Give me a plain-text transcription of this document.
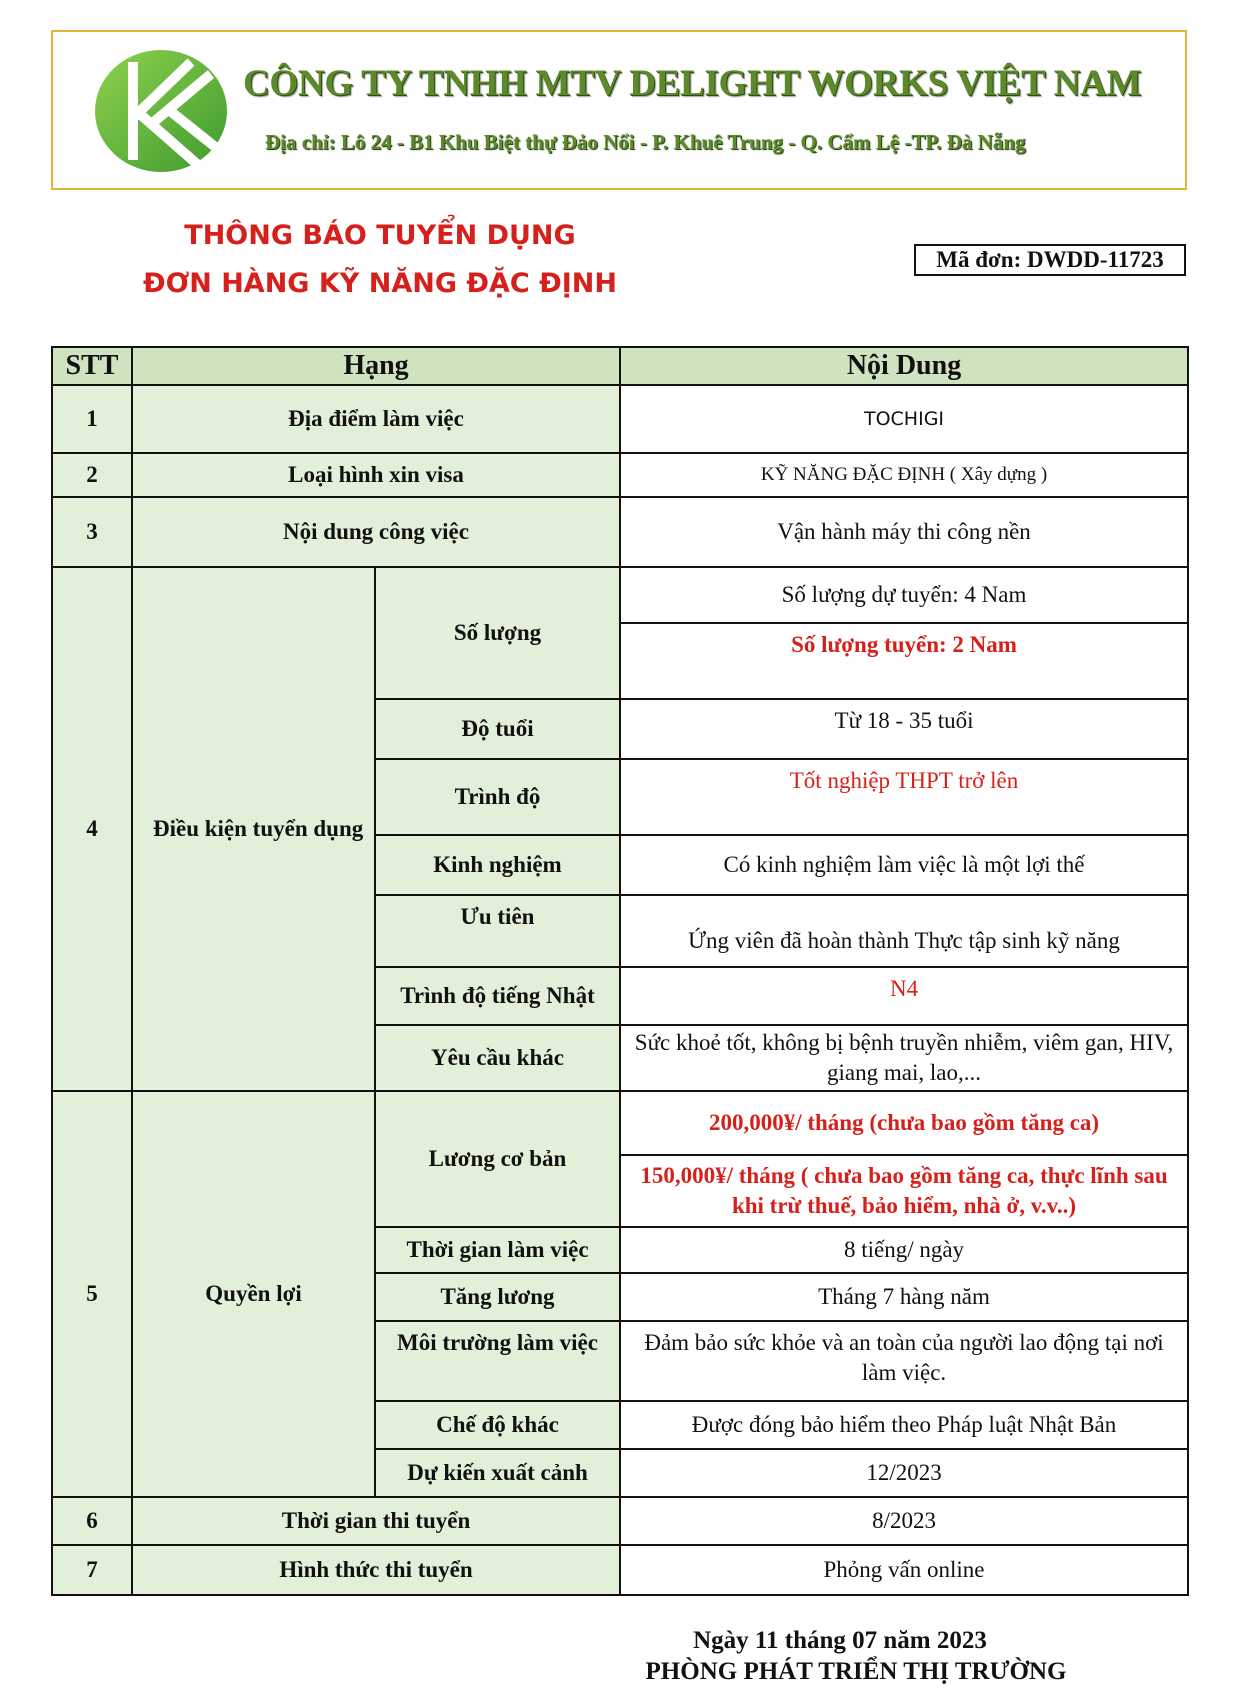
CÔNG TY TNHH MTV DELIGHT WORKS VIỆT NAM
Địa chỉ: Lô 24 - B1 Khu Biệt thự Đảo Nổi - P. Khuê Trung - Q. Cẩm Lệ -TP. Đà Nẵng
THÔNG BÁO TUYỂN DỤNG
ĐƠN HÀNG KỸ NĂNG ĐẶC ĐỊNH
Mã đơn: DWDD-11723
STT	Hạng		Nội Dung
1	Địa điểm làm việc		TOCHIGI
2	Loại hình xin visa		KỸ NĂNG ĐẶC ĐỊNH ( Xây dựng )
3	Nội dung công việc		Vận hành máy thi công nền
4	Điều kiện tuyển dụng	Số lượng	Số lượng dự tuyển: 4 Nam
			Số lượng tuyển: 2 Nam
		Độ tuổi	Từ 18 - 35 tuổi
		Trình độ	Tốt nghiệp THPT trở lên
		Kinh nghiệm	Có kinh nghiệm làm việc là một lợi thế
		Ưu tiên	Ứng viên đã hoàn thành Thực tập sinh kỹ năng
		Trình độ tiếng Nhật	N4
		Yêu cầu khác	Sức khoẻ tốt, không bị bệnh truyền nhiễm, viêm gan, HIV, giang mai, lao,...

5	Quyền lợi	Lương cơ bản	200,000¥/ tháng (chưa bao gồm tăng ca)
			150,000¥/ tháng ( chưa bao gồm tăng ca, thực lĩnh sau khi trừ thuế, bảo hiểm, nhà ở, v.v..)
		Thời gian làm việc	8 tiếng/ ngày
		Tăng lương	Tháng 7 hàng năm
		Môi trường làm việc	Đảm bảo sức khỏe và an toàn của người lao động tại nơi làm việc.
		Chế độ khác	Được đóng bảo hiểm theo Pháp luật Nhật Bản
		Dự kiến xuất cảnh	12/2023

6	Thời gian thi tuyển		8/2023
7	Hình thức thi tuyển		Phỏng vấn online
Ngày 11 tháng 07 năm 2023
PHÒNG PHÁT TRIỂN THỊ TRƯỜNG
